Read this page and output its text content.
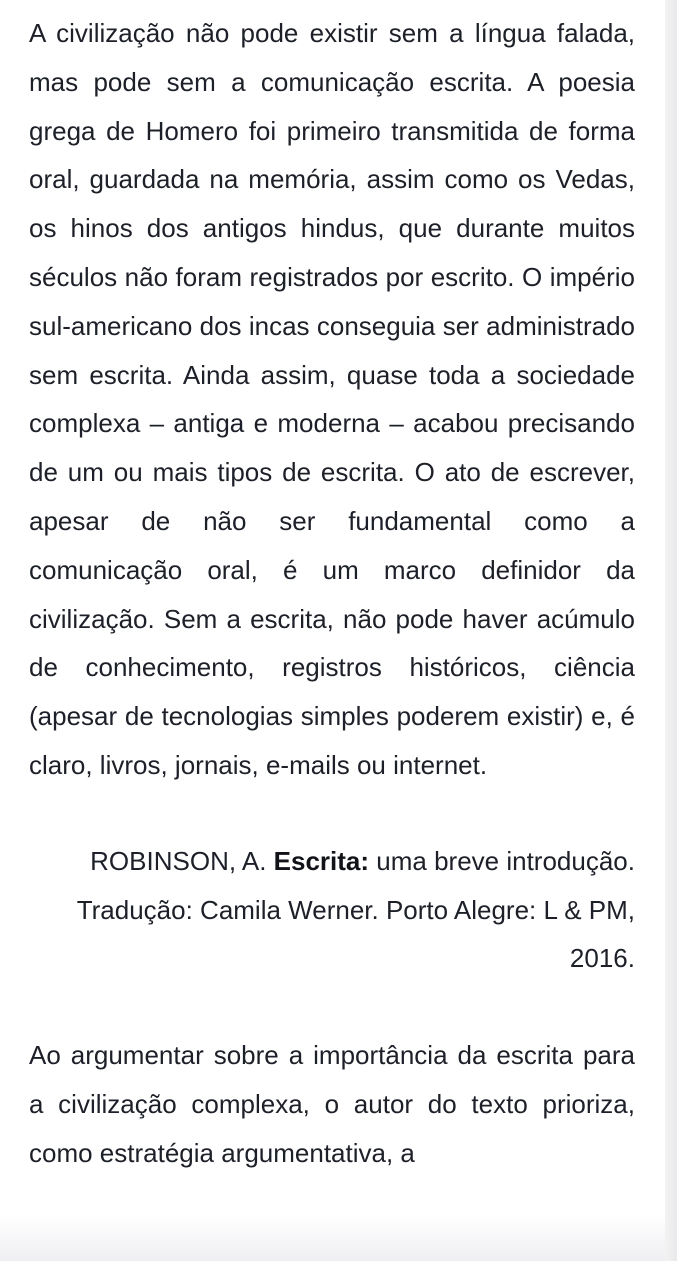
A civilização não pode existir sem a língua falada, mas pode sem a comunicação escrita. A poesia grega de Homero foi primeiro transmitida de forma oral, guardada na memória, assim como os Vedas, os hinos dos antigos hindus, que durante muitos séculos não foram registrados por escrito. O império sul-americano dos incas conseguia ser administrado sem escrita. Ainda assim, quase toda a sociedade complexa – antiga e moderna – acabou precisando de um ou mais tipos de escrita. O ato de escrever, apesar de não ser fundamental como a comunicação oral, é um marco definidor da civilização. Sem a escrita, não pode haver acúmulo de conhecimento, registros históricos, ciência (apesar de tecnologias simples poderem existir) e, é claro, livros, jornais, e-mails ou internet.

ROBINSON, A. Escrita: uma breve introdução.
Tradução: Camila Werner. Porto Alegre: L & PM,
2016.

Ao argumentar sobre a importância da escrita para a civilização complexa, o autor do texto prioriza, como estratégia argumentativa, a
